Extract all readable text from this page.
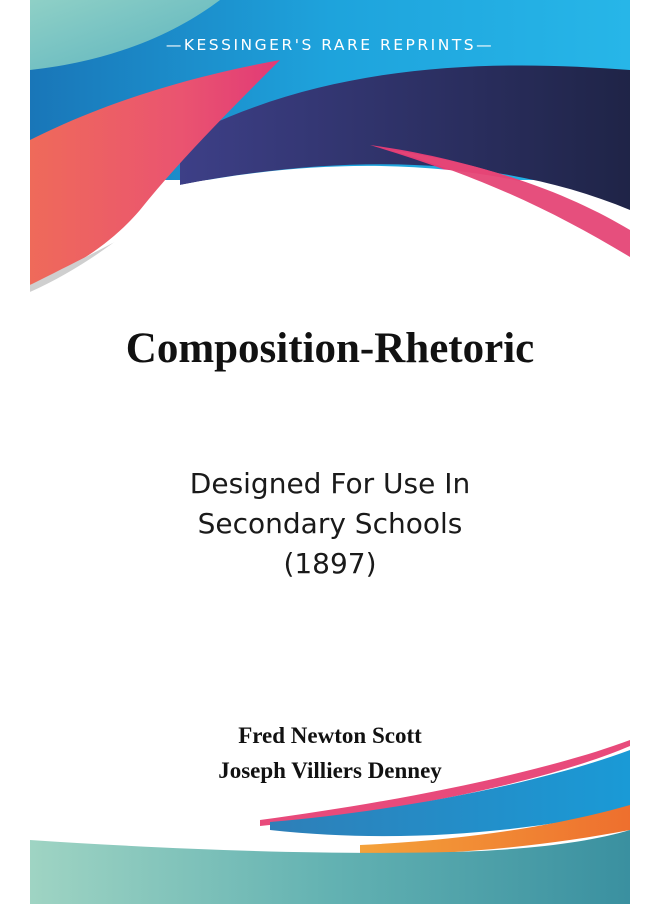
—KESSINGER'S RARE REPRINTS—
Composition-Rhetoric
Designed For Use In
Secondary Schools
(1897)
Fred Newton Scott
Joseph Villiers Denney
